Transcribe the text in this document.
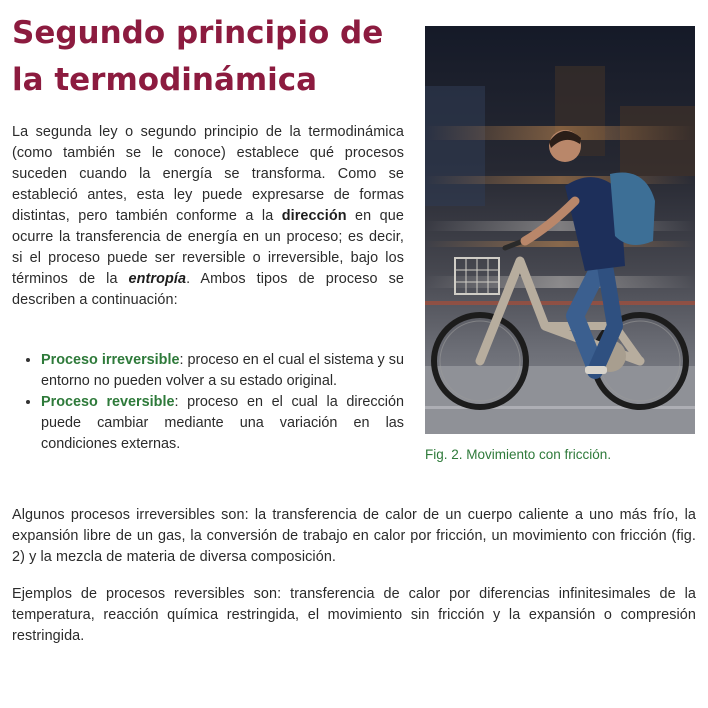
Segundo principio de la termodinámica

La segunda ley o segundo principio de la termodinámica (como también se le conoce) establece qué procesos suceden cuando la energía se transforma. Como se estableció antes, esta ley puede expresarse de formas distintas, pero también conforme a la dirección en que ocurre la transferencia de energía en un proceso; es decir, si el proceso puede ser reversible o irreversible, bajo los términos de la entropía. Ambos tipos de proceso se describen a continuación:

• Proceso irreversible: proceso en el cual el sistema y su entorno no pueden volver a su estado original.
• Proceso reversible: proceso en el cual la dirección puede cambiar mediante una variación en las condiciones externas.

Fig. 2. Movimiento con fricción.

Algunos procesos irreversibles son: la transferencia de calor de un cuerpo caliente a uno más frío, la expansión libre de un gas, la conversión de trabajo en calor por fricción, un movimiento con fricción (fig. 2) y la mezcla de materia de diversa composición.

Ejemplos de procesos reversibles son: transferencia de calor por diferencias infinitesimales de la temperatura, reacción química restringida, el movimiento sin fricción y la expansión o compresión restringida.
